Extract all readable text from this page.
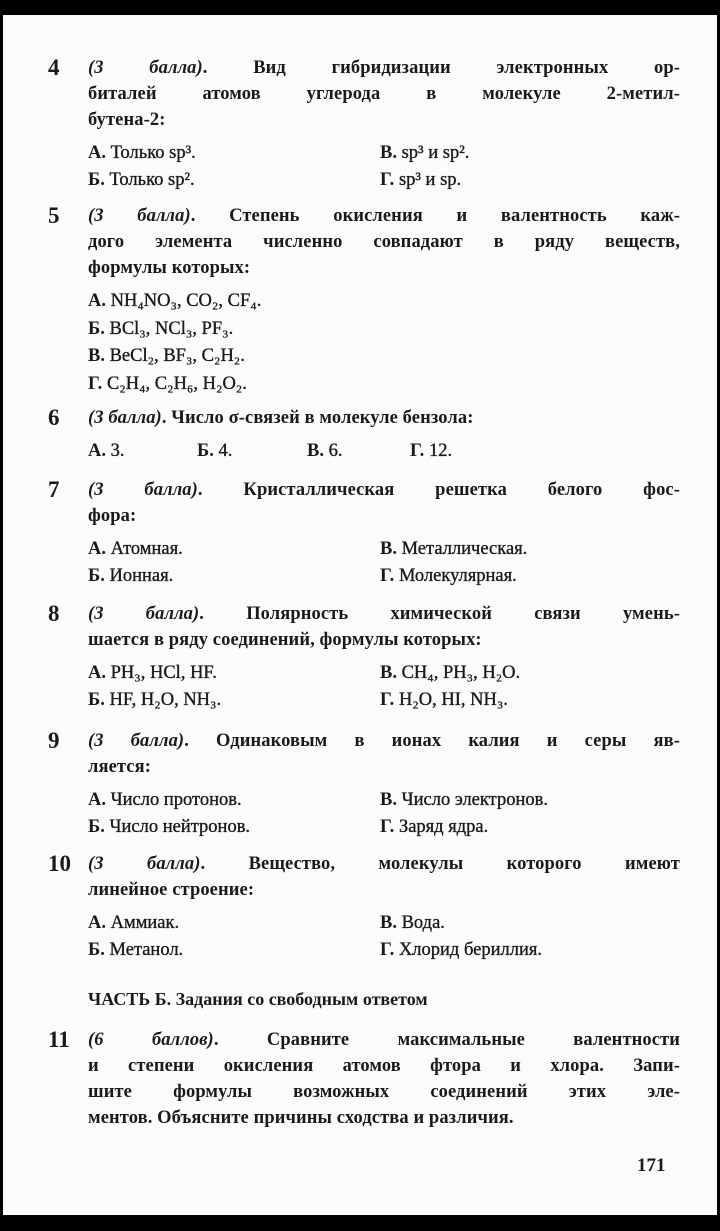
ЧАСТЬ Б. Задания со свободным ответом
171
4 (3 балла). Вид гибридизации электронных ор-
биталей атомов углерода в молекуле 2-метил-
бутена-2:
А. Только sp³.
Б. Только sp².
В. sp³ и sp².
Г. sp³ и sp.
5 (3 балла). Степень окисления и валентность каж-
дого элемента численно совпадают в ряду веществ,
формулы которых:
А. NH₄NO₃, CO₂, CF₄.
Б. BCl₃, NCl₃, PF₃.
В. BeCl₂, BF₃, C₂H₂.
Г. C₂H₄, C₂H₆, H₂O₂.
6 (3 балла). Число σ-связей в молекуле бензола:
А. 3.	Б. 4.	В. 6.	Г. 12.
7 (3 балла). Кристаллическая решетка белого фос-
фора:
А. Атомная.
Б. Ионная.
В. Металлическая.
Г. Молекулярная.
8 (3 балла). Полярность химической связи умень-
шается в ряду соединений, формулы которых:
А. PH₃, HCl, HF.
Б. HF, H₂O, NH₃.
В. CH₄, PH₃, H₂O.
Г. H₂O, HI, NH₃.
9 (3 балла). Одинаковым в ионах калия и серы яв-
ляется:
А. Число протонов.
Б. Число нейтронов.
В. Число электронов.
Г. Заряд ядра.
10 (3 балла). Вещество, молекулы которого имеют
линейное строение:
А. Аммиак.
Б. Метанол.
В. Вода.
Г. Хлорид бериллия.
11 (6 баллов). Сравните максимальные валентности
и степени окисления атомов фтора и хлора. Запи-
шите формулы возможных соединений этих эле-
ментов. Объясните причины сходства и различия.
